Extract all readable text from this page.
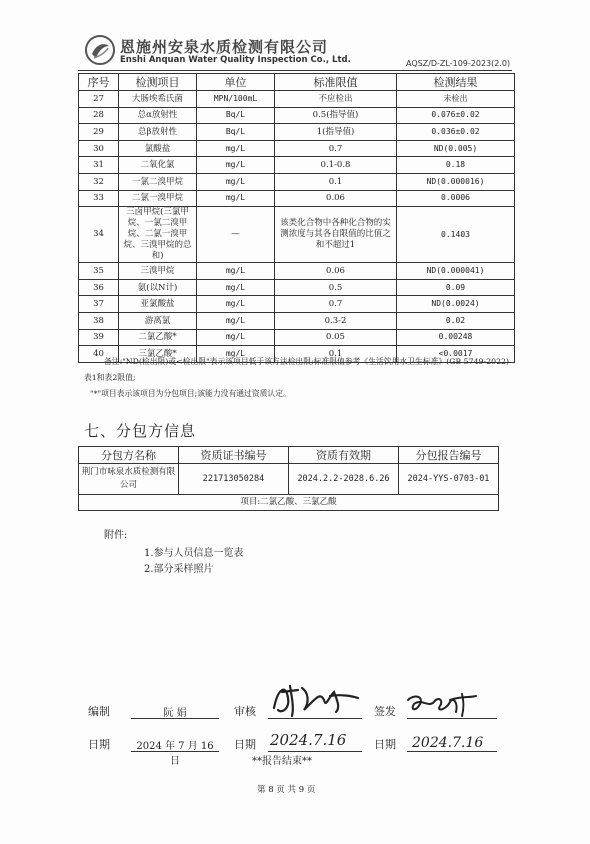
恩施州安泉水质检测有限公司
Enshi Anquan Water Quality Inspection Co., Ltd.	AQSZ/D-ZL-109-2023(2.0)
序号	检测项目	单位	标准限值	检测结果
27	大肠埃希氏菌	MPN/100mL	不应检出	未检出
28	总α放射性	Bq/L	0.5(指导值)	0.076±0.02
29	总β放射性	Bq/L	1(指导值)	0.036±0.02
30	氯酸盐	mg/L	0.7	ND(0.005)
31	二氧化氯	mg/L	0.1-0.8	0.18
32	一氯二溴甲烷	mg/L	0.1	ND(0.000016)
33	二氯一溴甲烷	mg/L	0.06	0.0006
34	三卤甲烷(三氯甲烷、一氯二溴甲烷、二氯一溴甲烷、三溴甲烷的总和)	—	该类化合物中各种化合物的实测浓度与其各自限值的比值之和不超过1	0.1403
35	三溴甲烷	mg/L	0.06	ND(0.000041)
36	氨(以N计)	mg/L	0.5	0.09
37	亚氯酸盐	mg/L	0.7	ND(0.0024)
38	游离氯	mg/L	0.3-2	0.02
39	二氯乙酸*	mg/L	0.05	0.00248
40	三氯乙酸*	mg/L	0.1	<0.0017

备注:"ND(检出限)或<检出限"表示该项目低于该方法检出限;标准限值参考《生活饮用水卫生标准》(GB 5749-2022)表1和表2限值;

"*"项目表示该项目为分包项目;该能力没有通过资质认定。

七、分包方信息
分包方名称	资质证书编号	资质有效期	分包报告编号
荆门市咏泉水质检测有限公司	221713050284	2024.2.2-2028.6.26	2024-YYS-0703-01
项目:二氯乙酸、三氯乙酸			
附件:
1.参与人员信息一览表
2.部分采样照片
编制	阮 娟	审核	签发
日期	2024 年 7 月 16 日
日期	日期
2024.7.16	2024.7.16
**报告结束**
第 8 页 共 9 页
